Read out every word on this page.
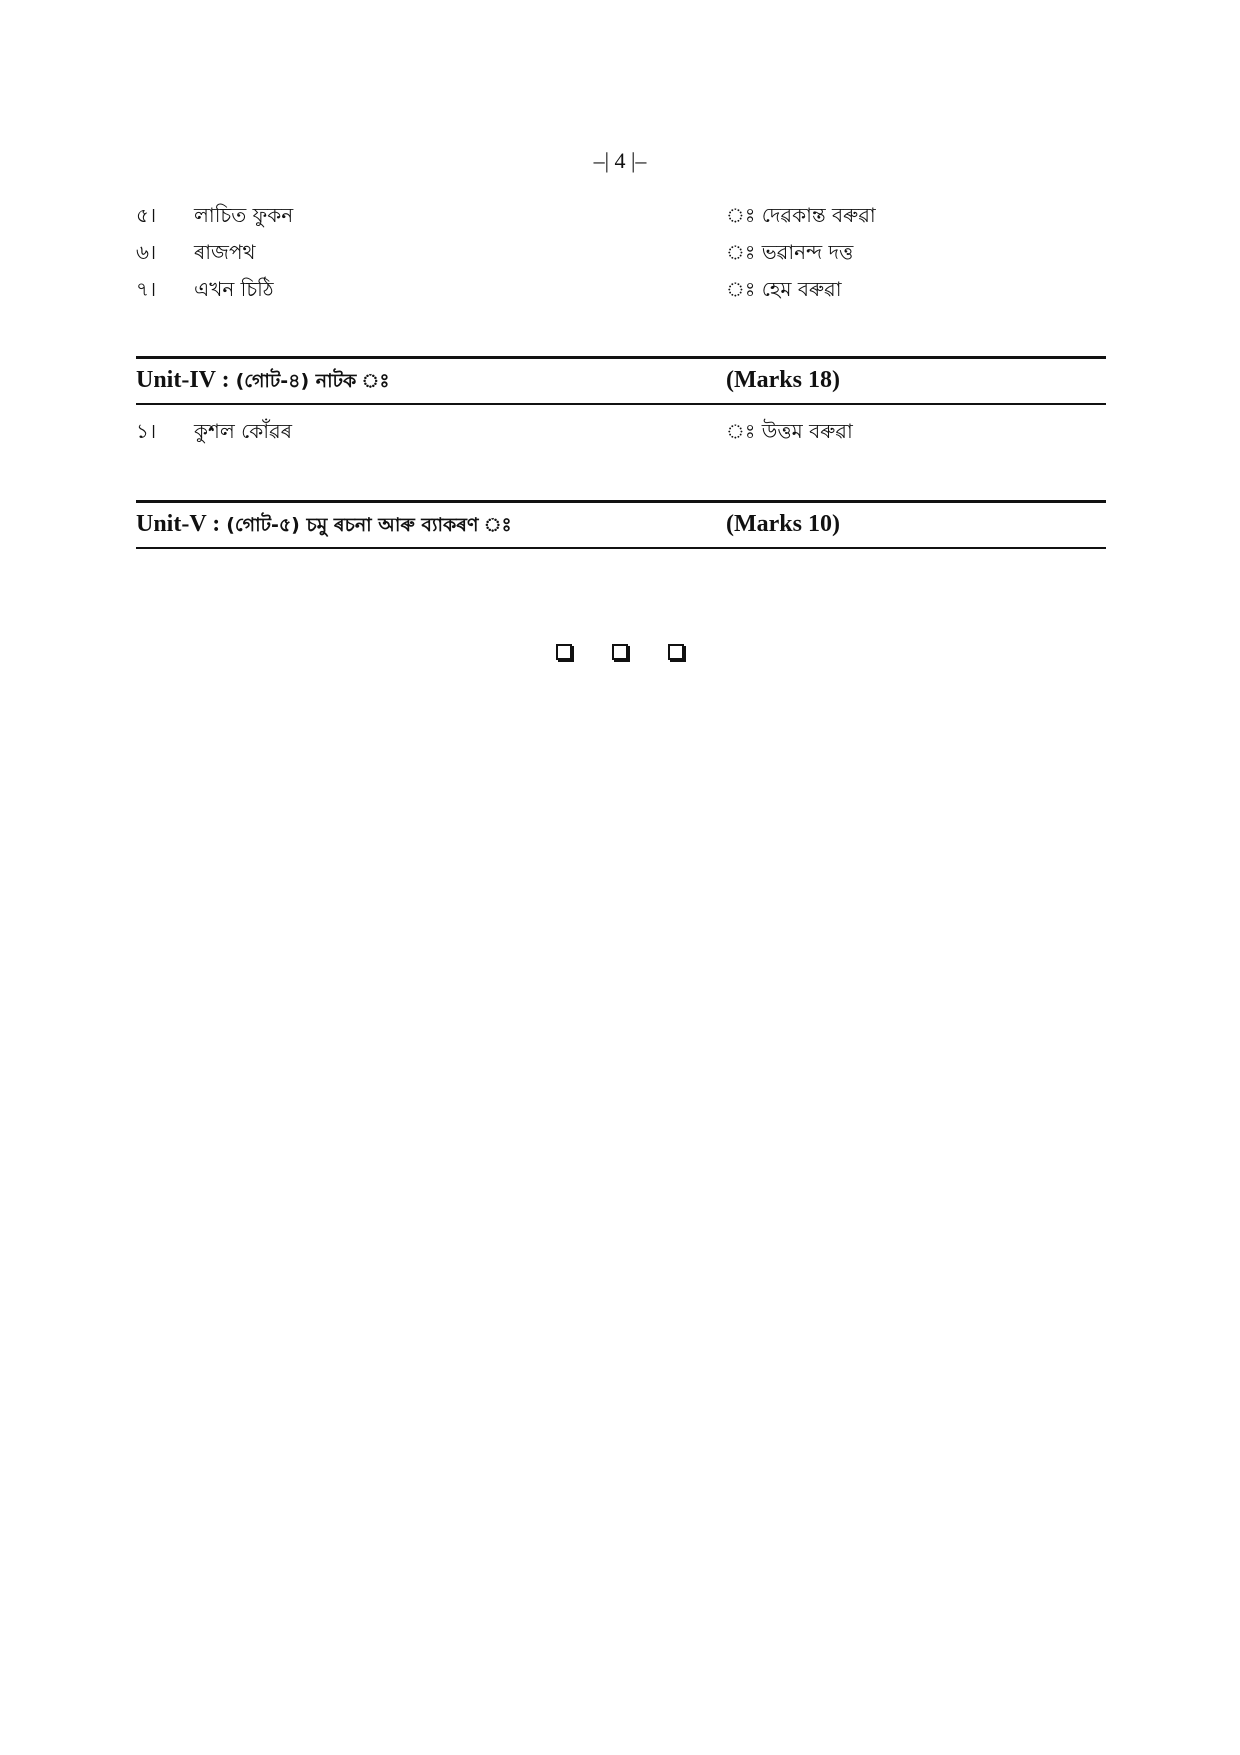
–| 4 |–
৫। লাচিত ফুকন	ঃ দেৱকান্ত বৰুৱা
৬। ৰাজপথ	ঃ ভৱানন্দ দত্ত
৭। এখন চিঠি	ঃ হেম বৰুৱা
Unit-IV : (গোট-৪) নাটক ঃ	(Marks 18)
১। কুশল কোঁৱৰ	ঃ উত্তম বৰুৱা
Unit-V : (গোট-৫) চমু ৰচনা আৰু ব্যাকৰণ ঃ	(Marks 10)
